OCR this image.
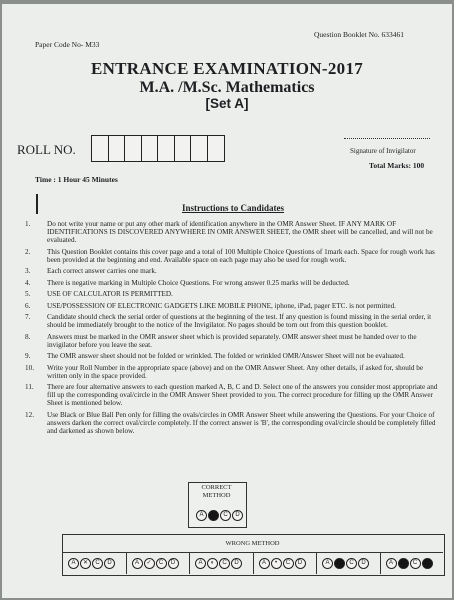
Paper Code No- M33
Question Booklet No. 633461
ENTRANCE EXAMINATION-2017
M.A. /M.Sc. Mathematics
[Set A]
ROLL NO.	Signature of Invigilator
Total Marks: 100
Time : 1 Hour 45 Minutes
Instructions to Candidates
1.	Do not write your name or put any other mark of identification anywhere in the OMR Answer Sheet. IF ANY MARK OF IDENTIFICATIONS IS DISCOVERED ANYWHERE IN OMR ANSWER SHEET, the OMR sheet will be cancelled, and will not be evaluated.
2.	This Question Booklet contains this cover page and a total of 100 Multiple Choice Questions of 1mark each. Space for rough work has been provided at the beginning and end. Available space on each page may also be used for rough work.
3.	Each correct answer carries one mark.
4.	There is negative marking in Multiple Choice Questions. For wrong answer 0.25 marks will be deducted.
5.	USE OF CALCULATOR IS PERMITTED.
6.	USE/POSSESSION OF ELECTRONIC GADGETS LIKE MOBILE PHONE, iphone, iPad, pager ETC. is not permitted.
7.	Candidate should check the serial order of questions at the beginning of the test. If any question is found missing in the serial order, it should be immediately brought to the notice of the Invigilator. No pages should be torn out from this question booklet.
8.	Answers must be marked in the OMR answer sheet which is provided separately. OMR answer sheet must be handed over to the invigilator before you leave the seat.
9.	The OMR answer sheet should not be folded or wrinkled. The folded or wrinkled OMR/Answer Sheet will not be evaluated.
10.	Write your Roll Number in the appropriate space (above) and on the OMR Answer Sheet. Any other details, if asked for, should be written only in the space provided.
11.	There are four alternative answers to each question marked A, B, C and D. Select one of the answers you consider most appropriate and fill up the corresponding oval/circle in the OMR Answer Sheet provided to you. The correct procedure for filling up the OMR Answer Sheet is mentioned below.
12.	Use Black or Blue Ball Pen only for filling the ovals/circles in OMR Answer Sheet while answering the Questions. For your Choice of answers darken the correct oval/circle completely. If the correct answer is 'B', the corresponding oval/circle should be completely filled and darkened as shown below.
CORRECT METHOD
A	C	D
WRONG METHOD
A	✕	C	D	A	✓	C	D	A	◐	C	D	A	•	C	D	A	C	D	A	C
